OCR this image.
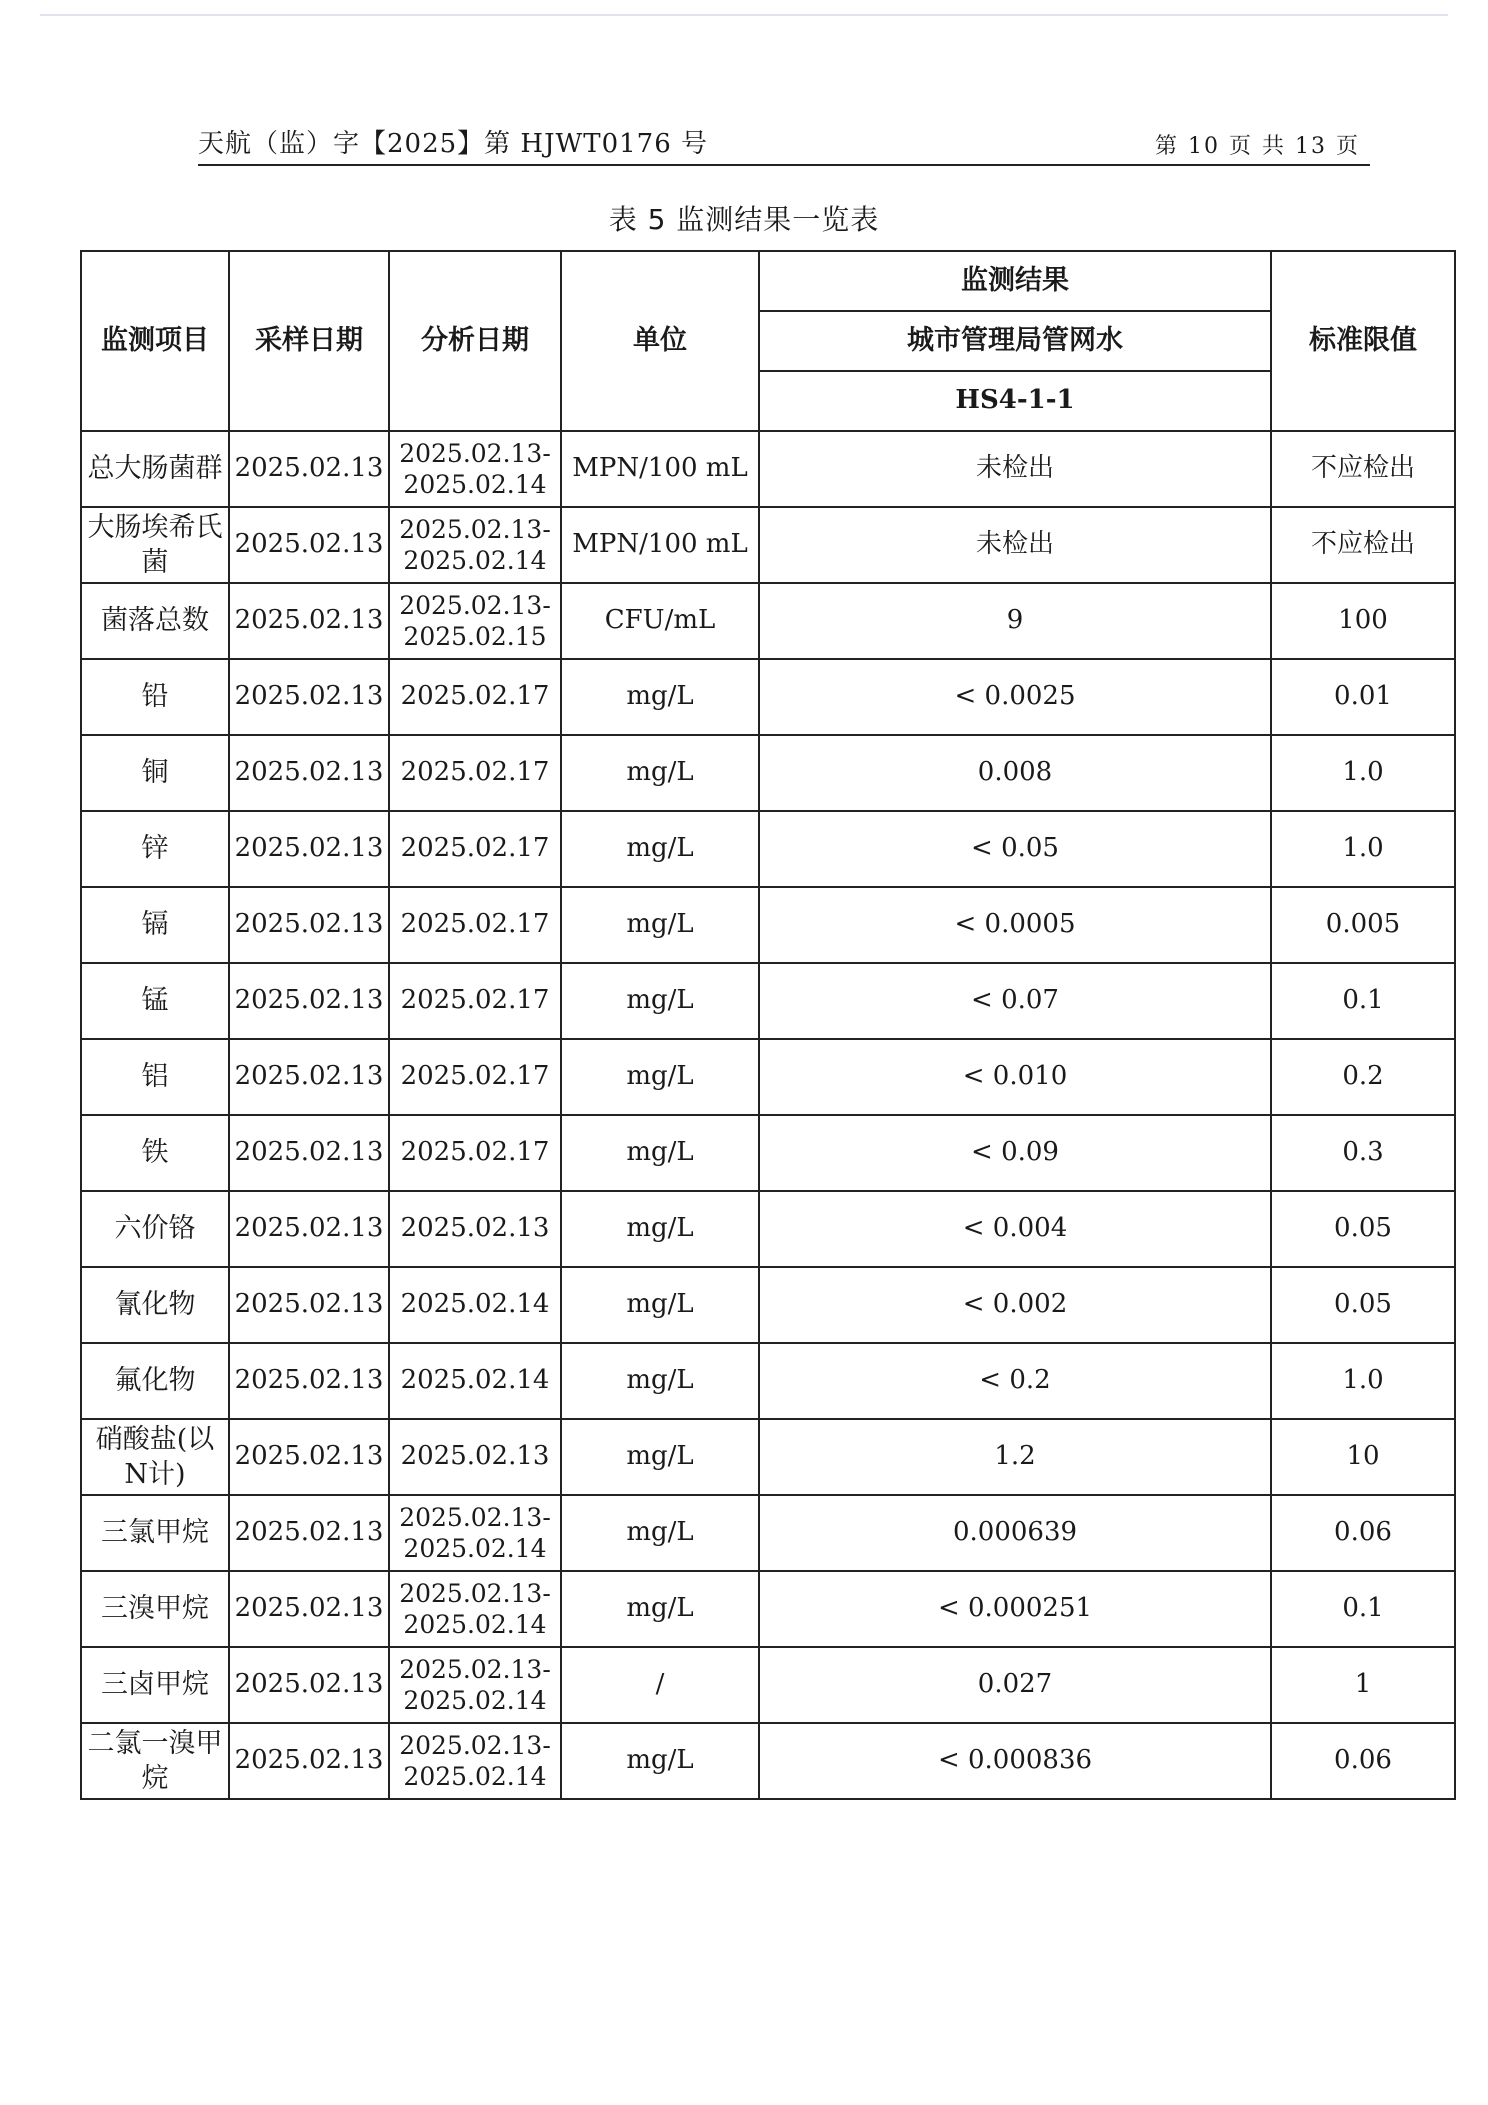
天航（监）字【2025】第 HJWT0176 号	第 10 页 共 13 页
表 5 监测结果一览表
监测项目	采样日期	分析日期	单位	监测结果	标准限值
				城市管理局管网水	
				HS4-1-1	
总大肠菌群	2025.02.13	2025.02.13-2025.02.14	MPN/100 mL	未检出	不应检出
大肠埃希氏菌	2025.02.13	2025.02.13-2025.02.14	MPN/100 mL	未检出	不应检出
菌落总数	2025.02.13	2025.02.13-2025.02.15	CFU/mL	9	100
铅	2025.02.13	2025.02.17	mg/L	< 0.0025	0.01
铜	2025.02.13	2025.02.17	mg/L	0.008	1.0
锌	2025.02.13	2025.02.17	mg/L	< 0.05	1.0
镉	2025.02.13	2025.02.17	mg/L	< 0.0005	0.005
锰	2025.02.13	2025.02.17	mg/L	< 0.07	0.1
铝	2025.02.13	2025.02.17	mg/L	< 0.010	0.2
铁	2025.02.13	2025.02.17	mg/L	< 0.09	0.3
六价铬	2025.02.13	2025.02.13	mg/L	< 0.004	0.05
氰化物	2025.02.13	2025.02.14	mg/L	< 0.002	0.05
氟化物	2025.02.13	2025.02.14	mg/L	< 0.2	1.0
硝酸盐(以N计)	2025.02.13	2025.02.13	mg/L	1.2	10
三氯甲烷	2025.02.13	2025.02.13-2025.02.14	mg/L	0.000639	0.06
三溴甲烷	2025.02.13	2025.02.13-2025.02.14	mg/L	< 0.000251	0.1
三卤甲烷	2025.02.13	2025.02.13-2025.02.14	/	0.027	1
二氯一溴甲烷	2025.02.13	2025.02.13-2025.02.14	mg/L	< 0.000836	0.06
